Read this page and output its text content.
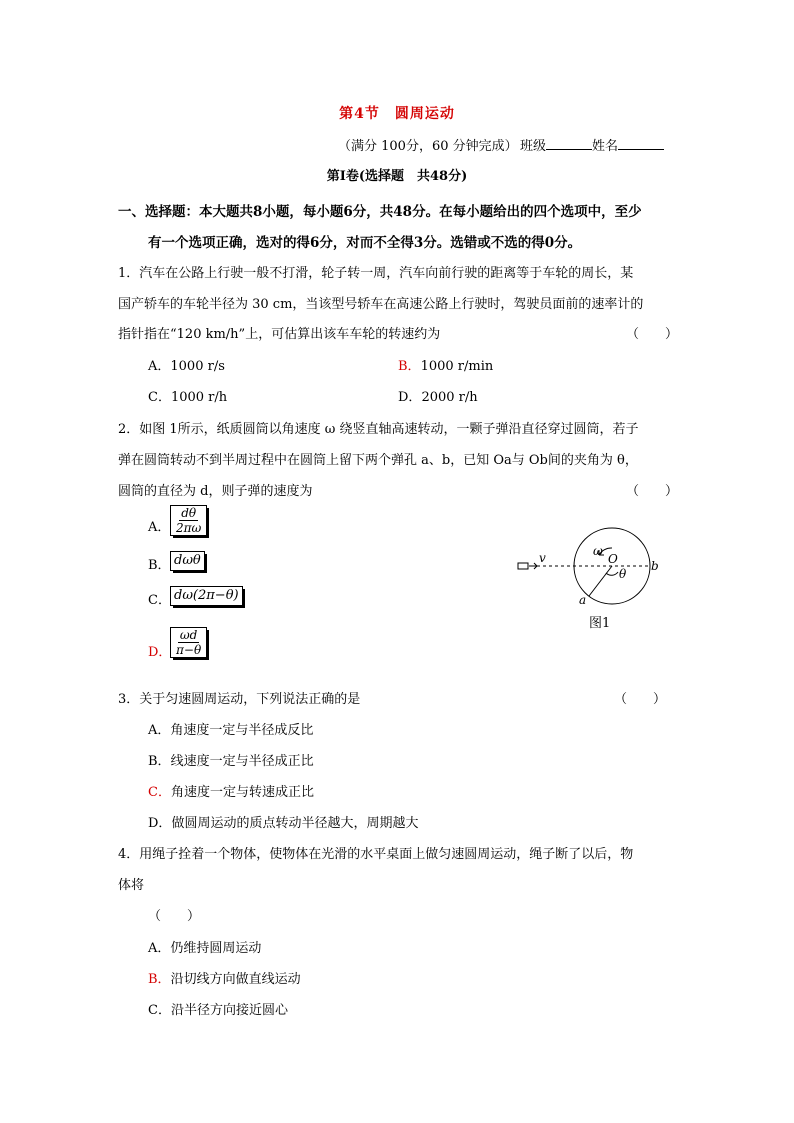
第4节　圆周运动
（满分 100分，60 分钟完成） 班级	姓名
第Ⅰ卷(选择题　共48分)
一、选择题：本大题共8小题，每小题6分，共48分。在每小题给出的四个选项中，至少
有一个选项正确，选对的得6分，对而不全得3分。选错或不选的得0分。
1．汽车在公路上行驶一般不打滑，轮子转一周，汽车向前行驶的距离等于车轮的周长，某
国产轿车的车轮半径为 30 cm，当该型号轿车在高速公路上行驶时，驾驶员面前的速率计的
指针指在“120 km/h”上，可估算出该车车轮的转速约为	（　　）
A．1000 r/s	B．1000 r/min
C．1000 r/h	D．2000 r/h
2．如图 1所示，纸质圆筒以角速度 ω 绕竖直轴高速转动，一颗子弹沿直径穿过圆筒，若子
弹在圆筒转动不到半周过程中在圆筒上留下两个弹孔 a、b，已知 Oa与 Ob间的夹角为 θ，
圆筒的直径为 d，则子弹的速度为	（　　）
A． $\frac{d\theta}{2\pi\omega}$
B． dωθ
C． dω(2π−θ)
D． $\frac{\omega d}{\pi-\theta}$
v	ω
O
θ
a
b
图1
3．关于匀速圆周运动，下列说法正确的是	（　　）
A．角速度一定与半径成反比
B．线速度一定与半径成正比
C．角速度一定与转速成正比
D．做圆周运动的质点转动半径越大，周期越大
4．用绳子拴着一个物体，使物体在光滑的水平桌面上做匀速圆周运动，绳子断了以后，物
体将
（　　）
A．仍维持圆周运动
B．沿切线方向做直线运动
C．沿半径方向接近圆心
